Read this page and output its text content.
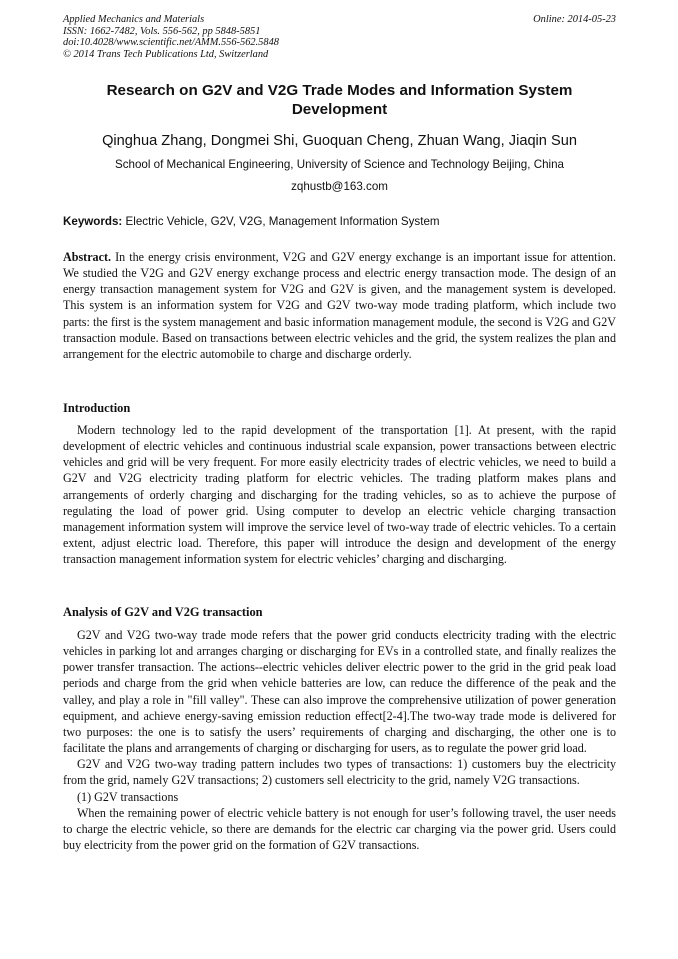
Applied Mechanics and Materials
ISSN: 1662-7482, Vols. 556-562, pp 5848-5851
doi:10.4028/www.scientific.net/AMM.556-562.5848
© 2014 Trans Tech Publications Ltd, Switzerland
Online: 2014-05-23
Research on G2V and V2G Trade Modes and Information System Development
Qinghua Zhang, Dongmei Shi, Guoquan Cheng, Zhuan Wang, Jiaqin Sun
School of Mechanical Engineering, University of Science and Technology Beijing, China
zqhustb@163.com
Keywords: Electric Vehicle, G2V, V2G, Management Information System
Abstract. In the energy crisis environment, V2G and G2V energy exchange is an important issue for attention. We studied the V2G and G2V energy exchange process and electric energy transaction mode. The design of an energy transaction management system for V2G and G2V is given, and the management system is developed. This system is an information system for V2G and G2V two-way mode trading platform, which include two parts: the first is the system management and basic information management module, the second is V2G and G2V transaction module. Based on transactions between electric vehicles and the grid, the system realizes the plan and arrangement for the electric automobile to charge and discharge orderly.
Introduction

Modern technology led to the rapid development of the transportation [1]. At present, with the rapid development of electric vehicles and continuous industrial scale expansion, power transactions between electric vehicles and grid will be very frequent. For more easily electricity trades of electric vehicles, we need to build a G2V and V2G electricity trading platform for electric vehicles. The trading platform makes plans and arrangements of orderly charging and discharging for the trading vehicles, so as to achieve the purpose of regulating the load of power grid. Using computer to develop an electric vehicle charging transaction management information system will improve the service level of two-way trade of electric vehicles. To a certain extent, adjust electric load. Therefore, this paper will introduce the design and development of the energy transaction management information system for electric vehicles’ charging and discharging.

Analysis of G2V and V2G transaction

G2V and V2G two-way trade mode refers that the power grid conducts electricity trading with the electric vehicles in parking lot and arranges charging or discharging for EVs in a controlled state, and finally realizes the power transfer transaction. The actions--electric vehicles deliver electric power to the grid in the grid peak load periods and charge from the grid when vehicle batteries are low, can reduce the difference of the peak and the valley, and play a role in "fill valley". These can also improve the comprehensive utilization of power generation equipment, and achieve energy-saving emission reduction effect[2-4].The two-way trade mode is delivered for two purposes: the one is to satisfy the users’ requirements of charging and discharging, the other one is to facilitate the plans and arrangements of charging or discharging for users, as to regulate the power grid load.

G2V and V2G two-way trading pattern includes two types of transactions: 1) customers buy the electricity from the grid, namely G2V transactions; 2) customers sell electricity to the grid, namely V2G transactions.

(1) G2V transactions

When the remaining power of electric vehicle battery is not enough for user’s following travel, the user needs to charge the electric vehicle, so there are demands for the electric car charging via the power grid. Users could buy electricity from the power grid on the formation of G2V transactions.
